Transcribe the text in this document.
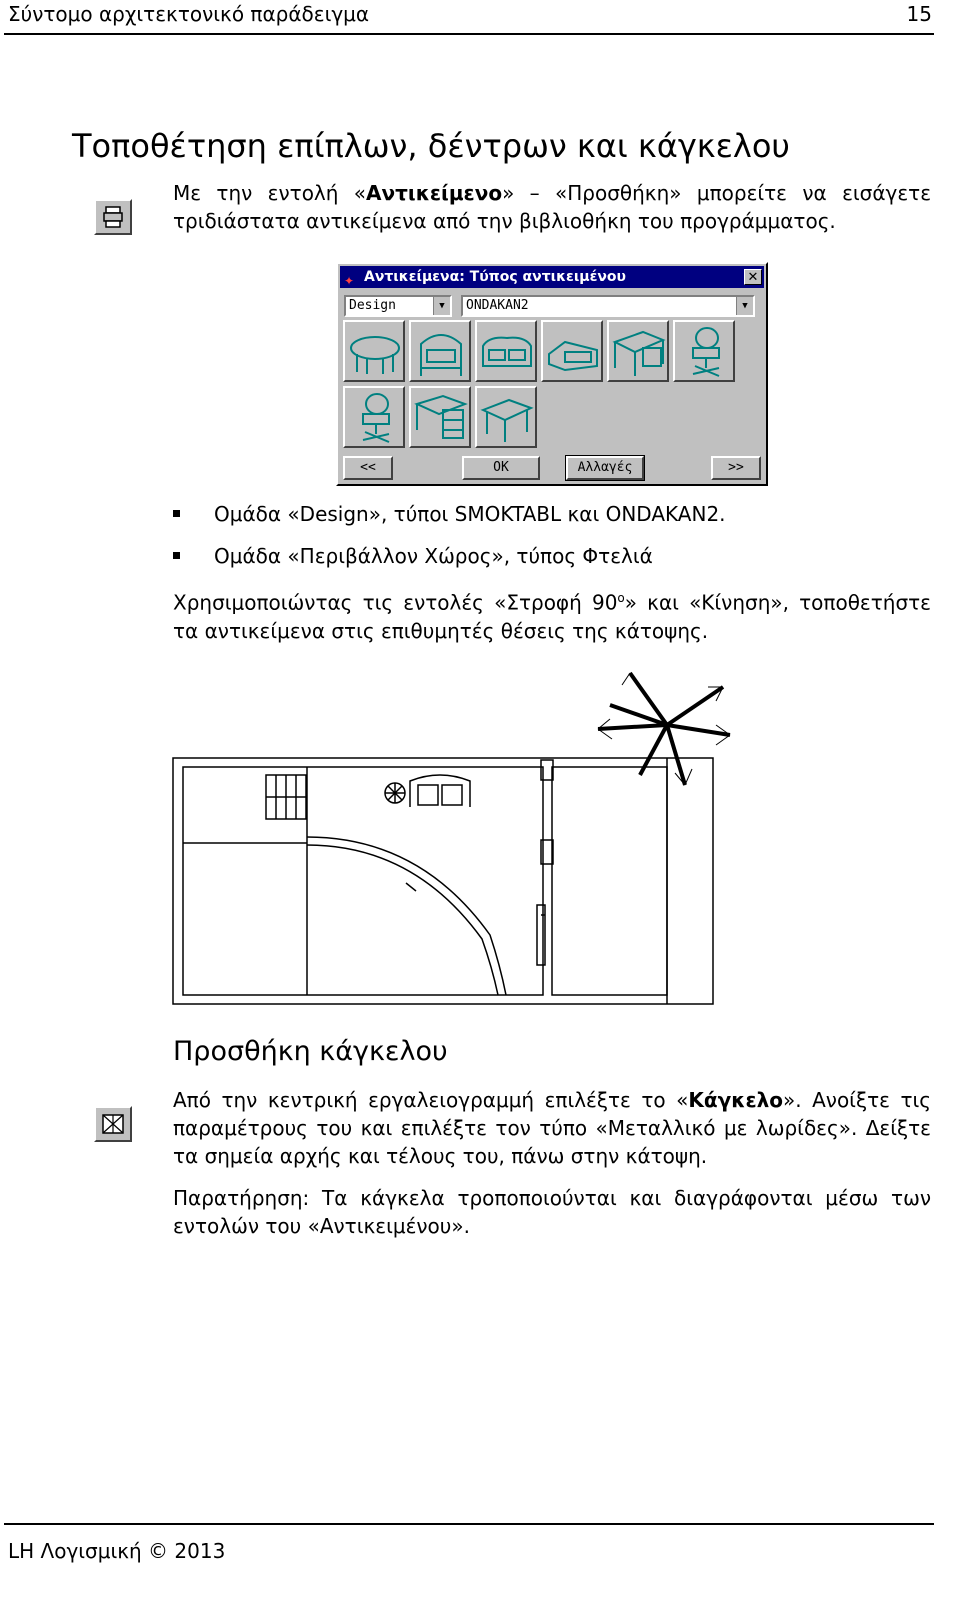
Σύντομο αρχιτεκτονικό παράδειγμα	15
Τοποθέτηση επίπλων, δέντρων και κάγκελου

Με την εντολή «Αντικείμενο» – «Προσθήκη» μπορείτε να εισάγετε τριδιάστατα αντικείμενα από την βιβλιοθήκη του προγράμματος.

✦ Αντικείμενα: Τύπος αντικειμένου	✕
Design	▼	ONDAKAN2	▼
<<	OK	Αλλαγές	>>
Ομάδα «Design», τύποι SMOKTABL και ONDAKAN2.
Ομάδα «Περιβάλλον Χώρος», τύπος Φτελιά

Χρησιμοποιώντας τις εντολές «Στροφή $90^o$» και «Κίνηση», τοποθετήστε τα αντικείμενα στις επιθυμητές θέσεις της κάτοψης.

Προσθήκη κάγκελου

Από την κεντρική εργαλειογραμμή επιλέξτε το «Κάγκελο». Ανοίξτε τις παραμέτρους του και επιλέξτε τον τύπο «Μεταλλικό με λωρίδες». Δείξτε τα σημεία αρχής και τέλους του, πάνω στην κάτοψη.

Παρατήρηση: Τα κάγκελα τροποποιούνται και διαγράφονται μέσω των εντολών του «Αντικειμένου».

LH Λογισμική © 2013
